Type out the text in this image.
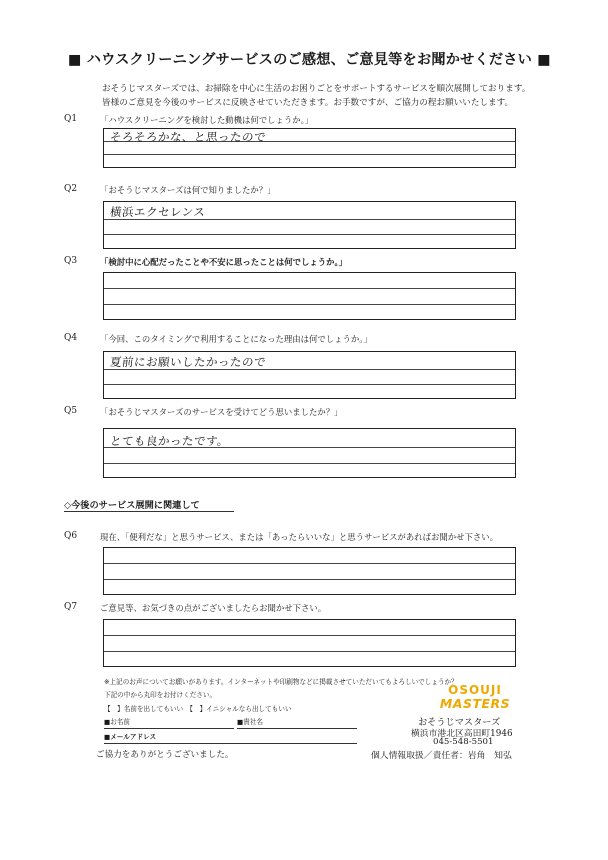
■ ハウスクリーニングサービスのご感想、ご意見等をお聞かせください ■
おそうじマスターズでは、お掃除を中心に生活のお困りごとをサポートするサービスを順次展開しております。
皆様のご意見を今後のサービスに反映させていただきます。お手数ですが、ご協力の程お願いいたします。
Q1	「ハウスクリーニングを検討した動機は何でしょうか。」
そろそろかな、と思ったので
Q2	「おそうじマスターズは何で知りましたか？」
横浜エクセレンス
Q3	「検討中に心配だったことや不安に思ったことは何でしょうか。」
Q4	「今回、このタイミングで利用することになった理由は何でしょうか。」
夏前にお願いしたかったので
Q5	「おそうじマスターズのサービスを受けてどう思いましたか？」
とても良かったです。
◇今後のサービス展開に関連して
Q6	現在、「便利だな」と思うサービス、または「あったらいいな」と思うサービスがあればお聞かせ下さい。
Q7	ご意見等、お気づきの点がございましたらお聞かせ下さい。
※上記のお声についてお願いがあります。インターネットや印刷物などに掲載させていただいてもよろしいでしょうか？
下記の中から丸印をお付けください。
【　】名前を出してもいい　【　】イニシャルなら出してもいい
■お名前	■貴社名
■メールアドレス
ご協力をありがとうございました。
OSOUJI
MASTERS
おそうじマスターズ
横浜市港北区高田町1946
045-548-5501
個人情報取扱／責任者：岩角　知弘
